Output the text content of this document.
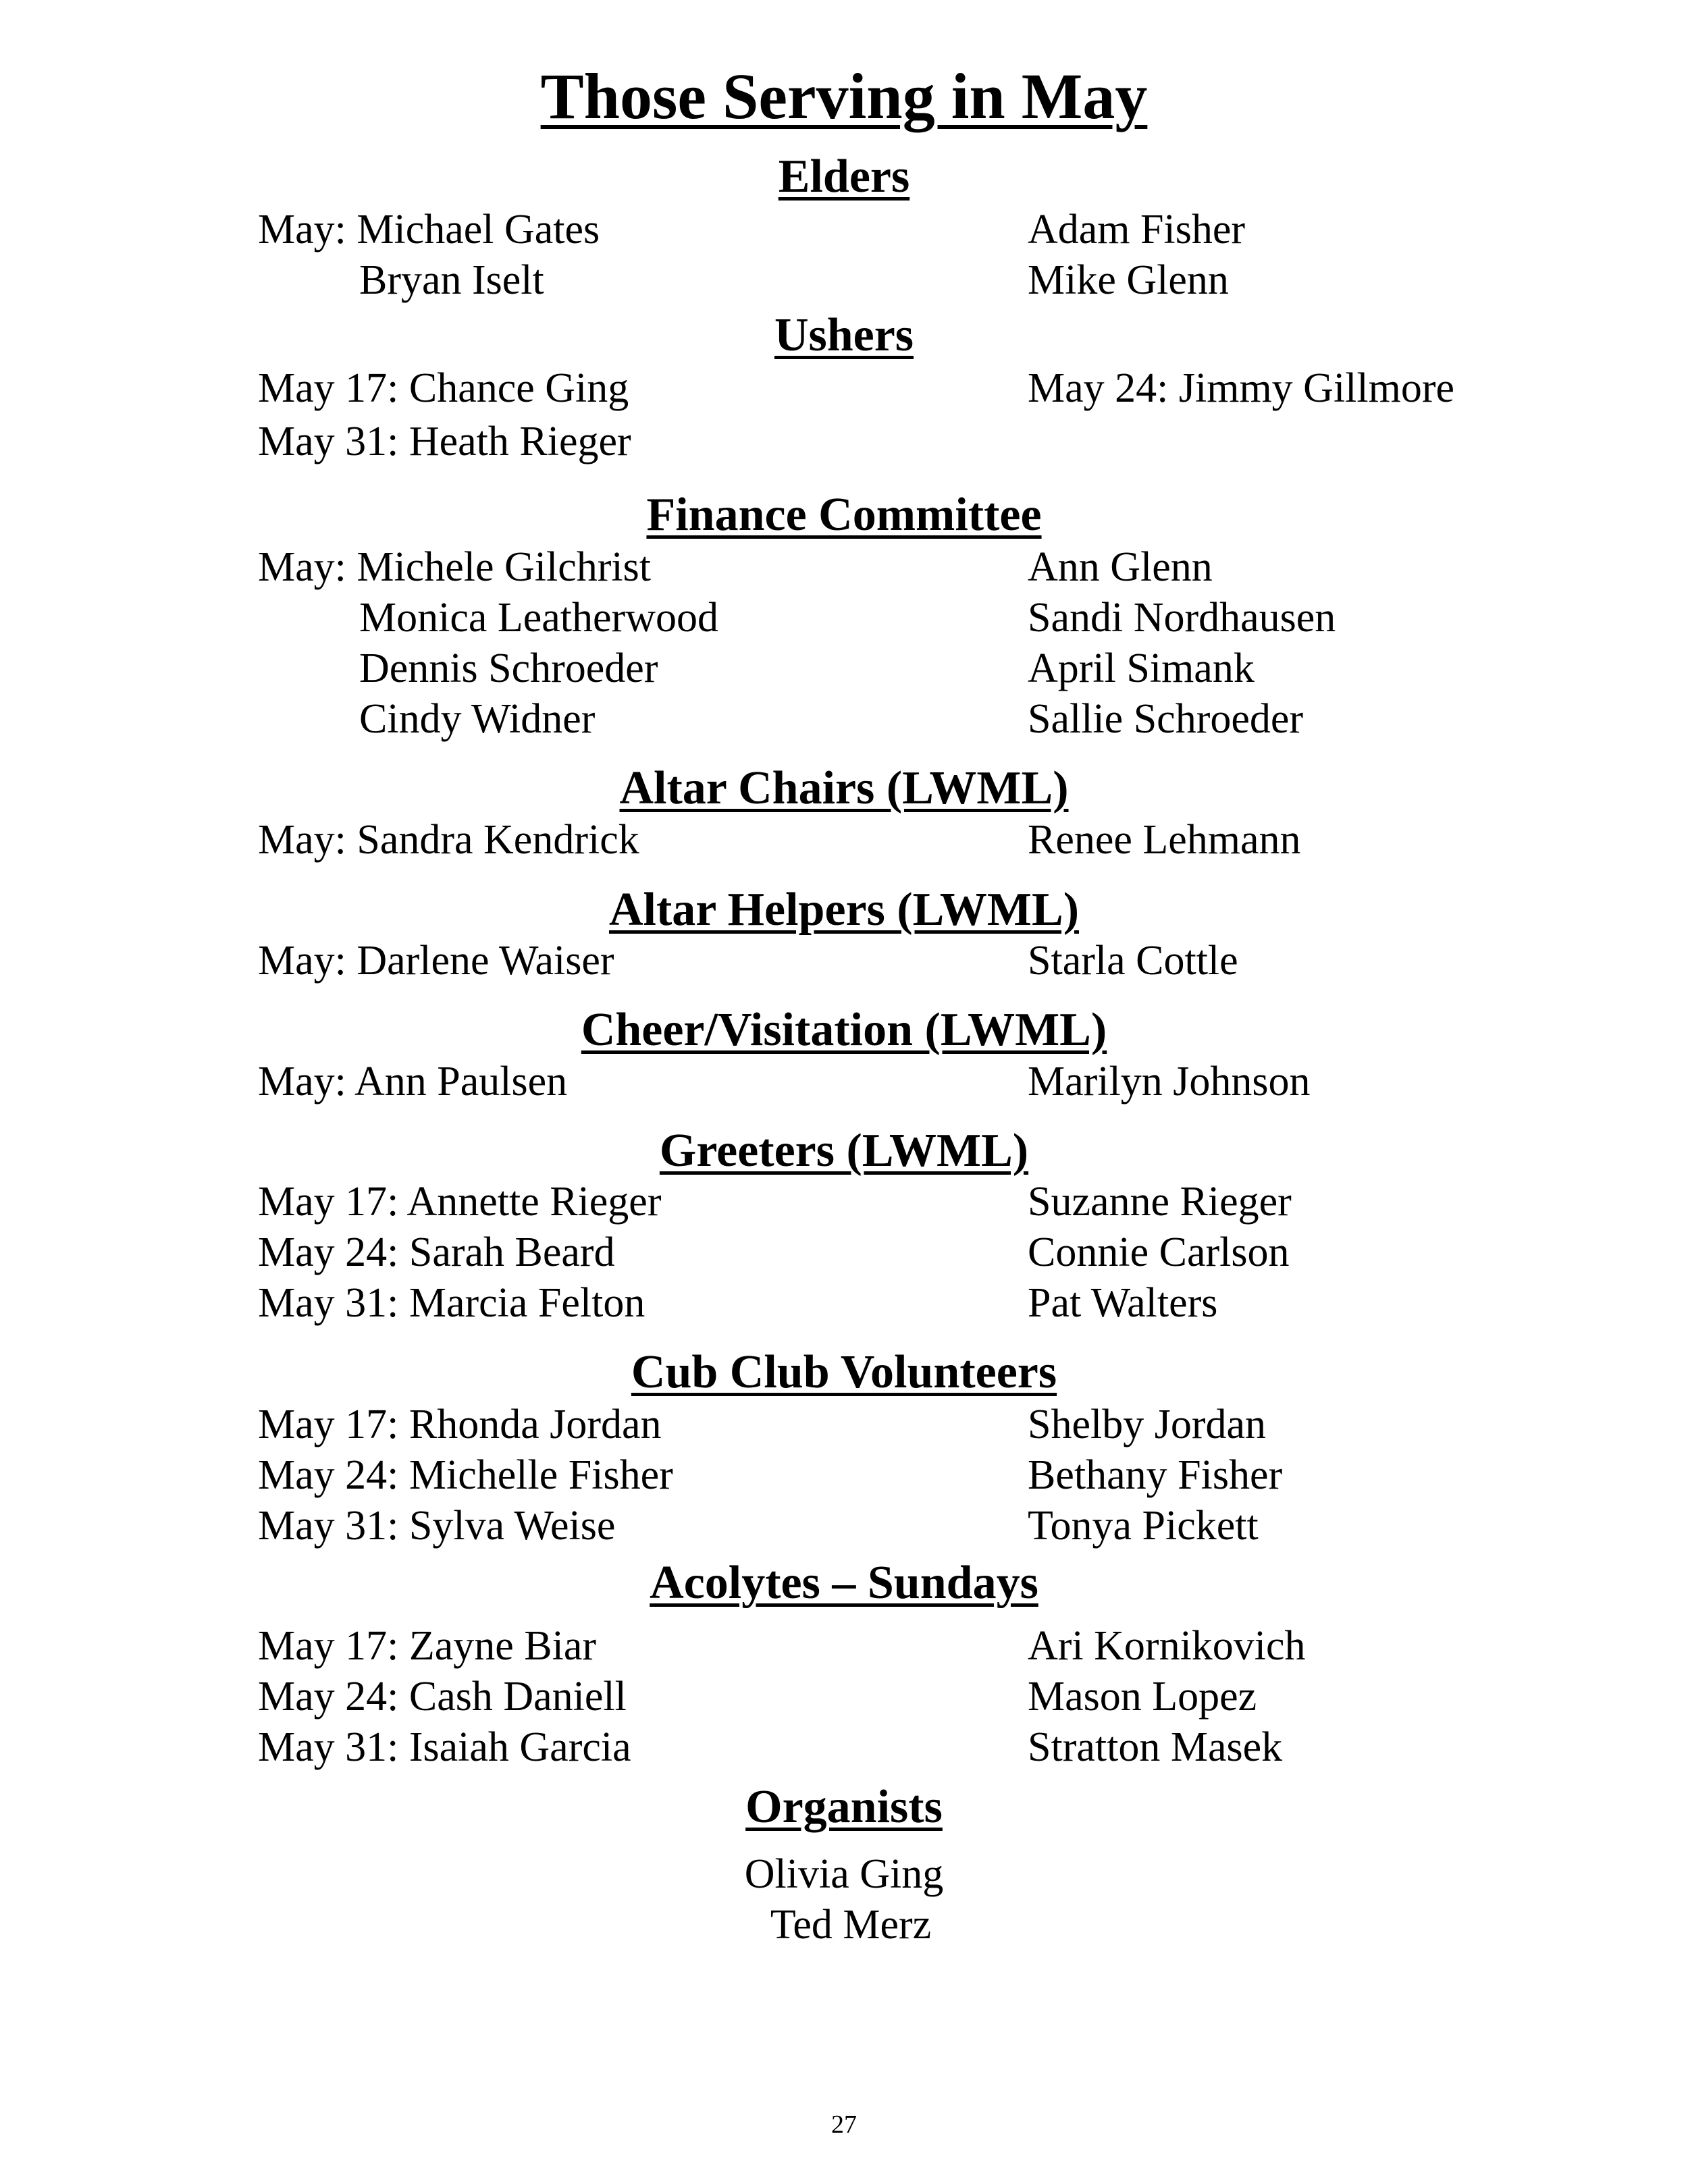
Those Serving in May
Elders
May: Michael Gates	Adam Fisher
Bryan Iselt	Mike Glenn
Ushers
May 17: Chance Ging	May 24: Jimmy Gillmore
May 31: Heath Rieger
Finance Committee
May: Michele Gilchrist	Ann Glenn
Monica Leatherwood	Sandi Nordhausen
Dennis Schroeder	April Simank
Cindy Widner	Sallie Schroeder
Altar Chairs (LWML)
May: Sandra Kendrick	Renee Lehmann
Altar Helpers (LWML)
May: Darlene Waiser	Starla Cottle
Cheer/Visitation (LWML)
May: Ann Paulsen	Marilyn Johnson
Greeters (LWML)
May 17: Annette Rieger	Suzanne Rieger
May 24: Sarah Beard	Connie Carlson
May 31: Marcia Felton	Pat Walters
Cub Club Volunteers
May 17: Rhonda Jordan	Shelby Jordan
May 24: Michelle Fisher	Bethany Fisher
May 31: Sylva Weise	Tonya Pickett
Acolytes – Sundays
May 17: Zayne Biar	Ari Kornikovich
May 24: Cash Daniell	Mason Lopez
May 31: Isaiah Garcia	Stratton Masek
Organists
Olivia Ging
Ted Merz
27
